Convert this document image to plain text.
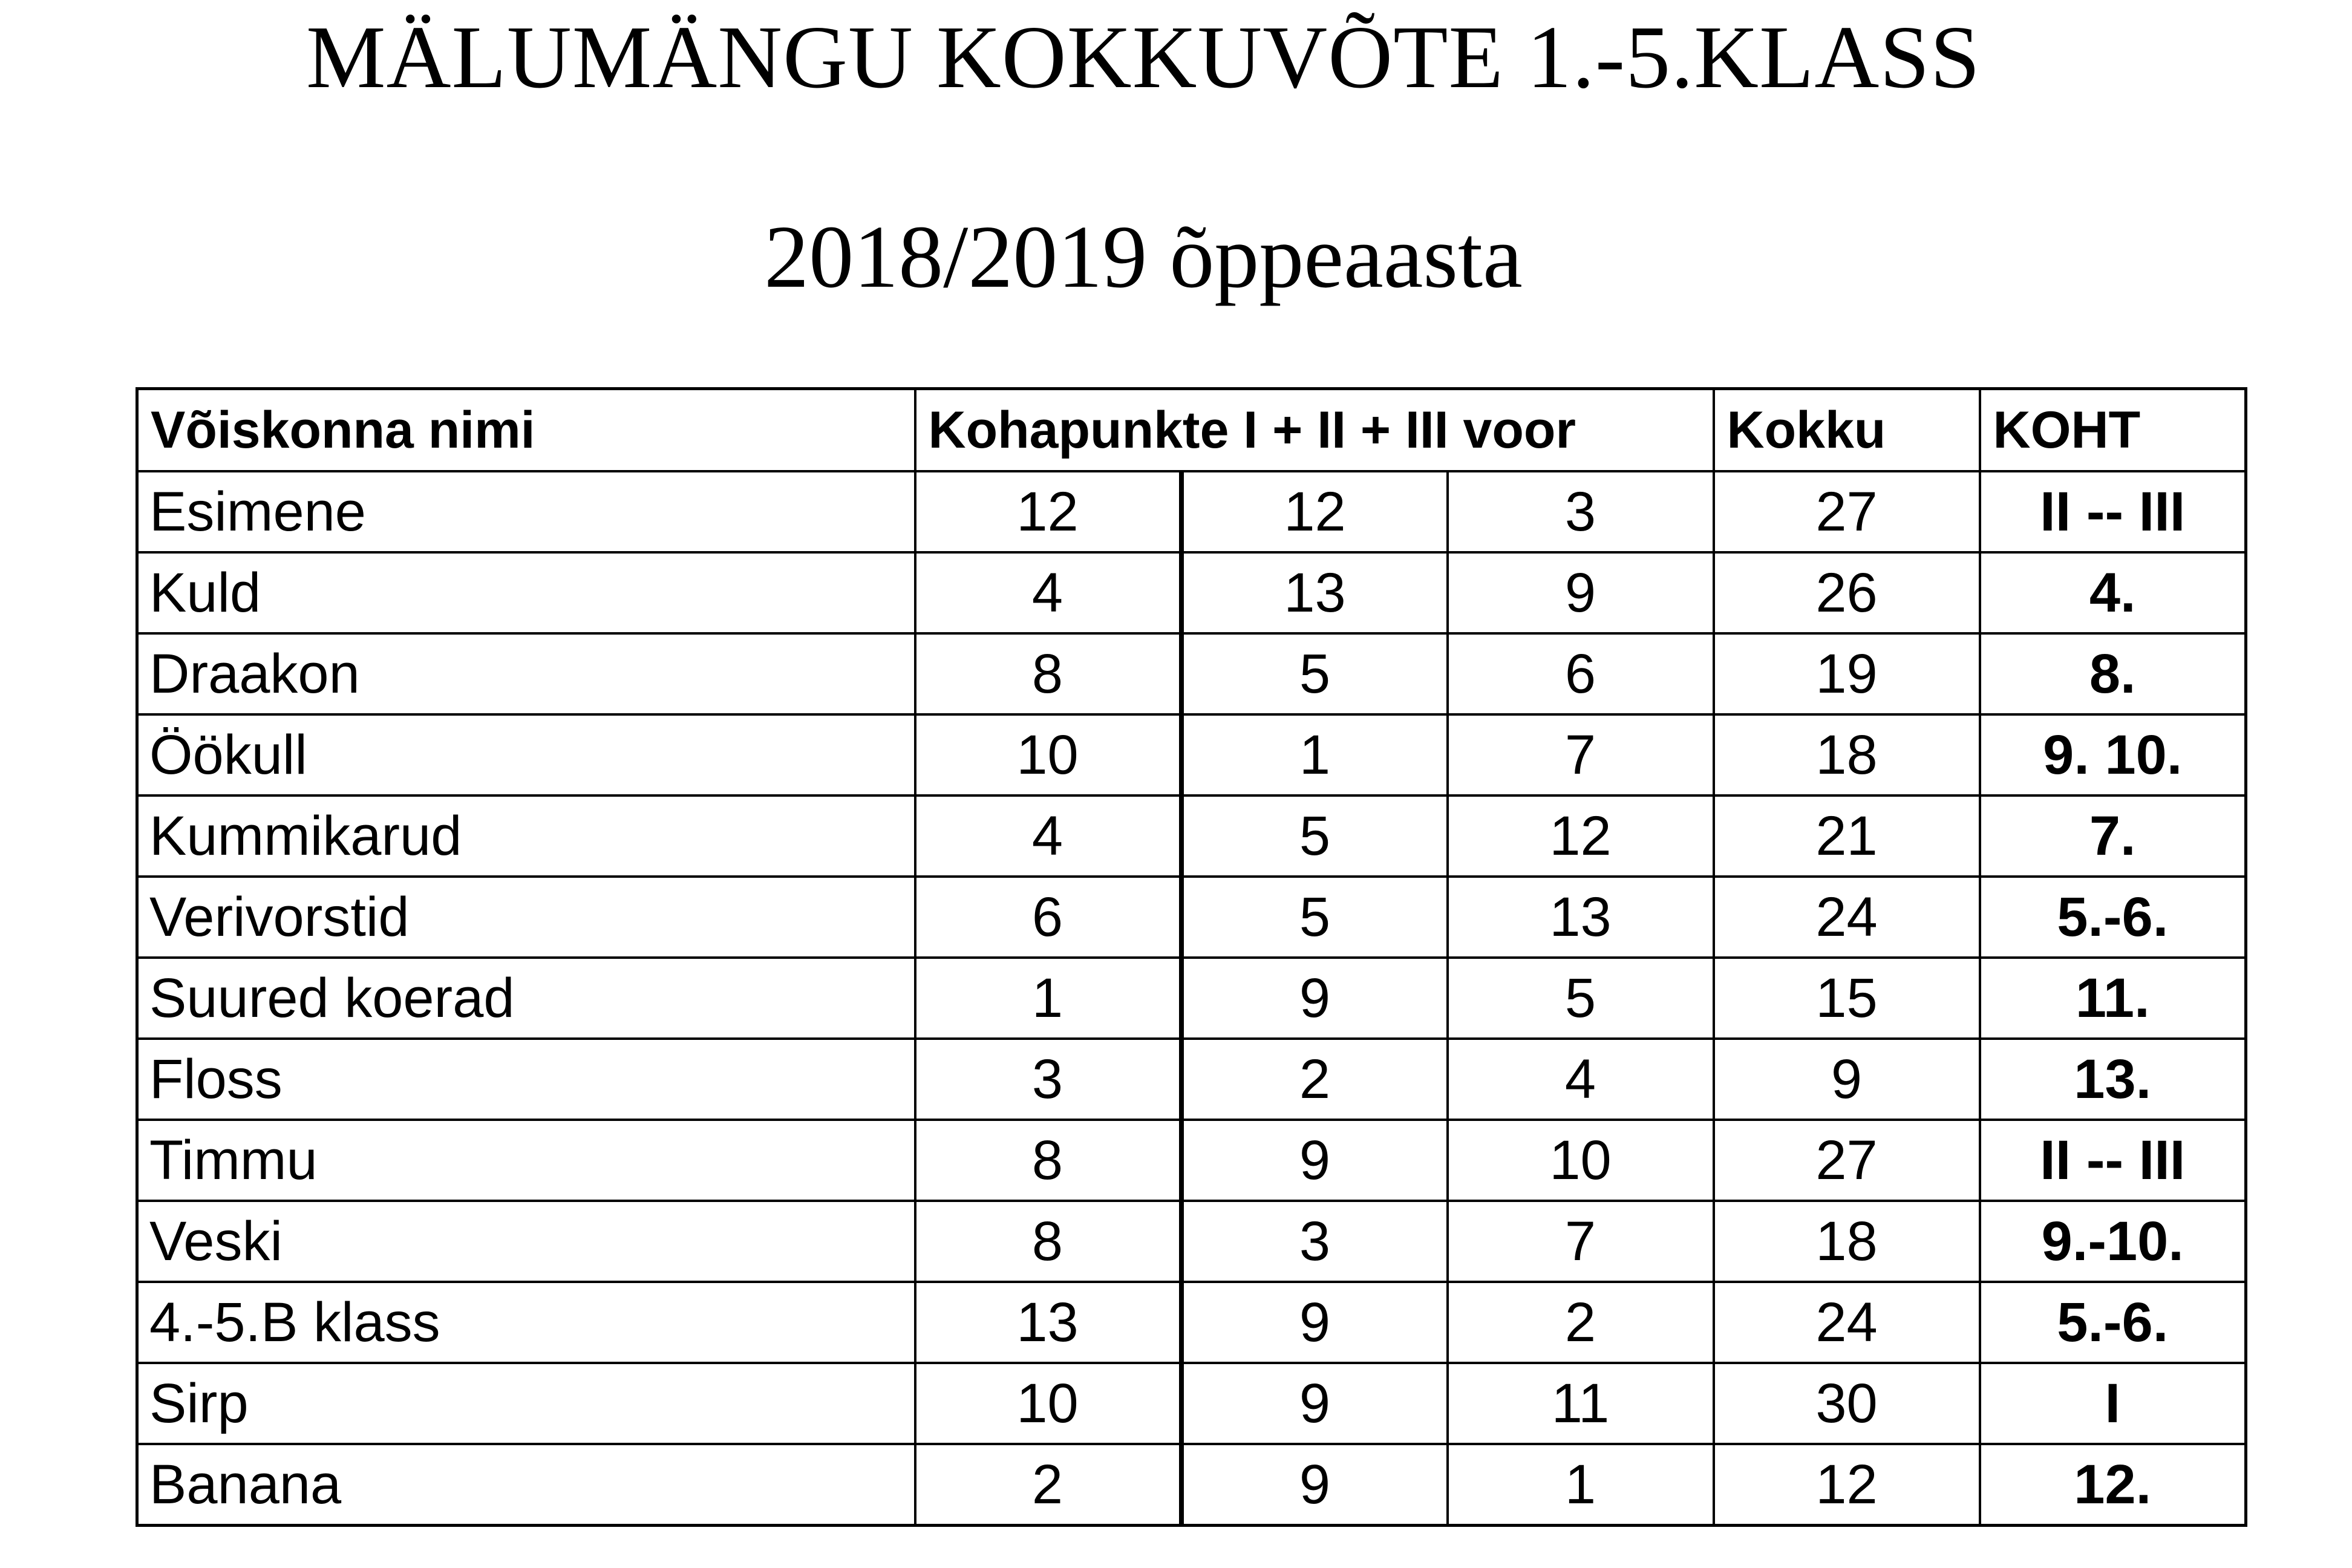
MÄLUMÄNGU KOKKUVÕTE 1.-5.KLASS
2018/2019 õppeaasta
Võiskonna nimi	Kohapunkte I + II + III voor			Kokku	KOHT
Esimene	12	12	3	27	II -- III
Kuld	4	13	9	26	4.
Draakon	8	5	6	19	8.
Öökull	10	1	7	18	9. 10.
Kummikarud	4	5	12	21	7.
Verivorstid	6	5	13	24	5.-6.
Suured koerad	1	9	5	15	11.
Floss	3	2	4	9	13.
Timmu	8	9	10	27	II -- III
Veski	8	3	7	18	9.-10.
4.-5.B klass	13	9	2	24	5.-6.
Sirp	10	9	11	30	I
Banana	2	9	1	12	12.
